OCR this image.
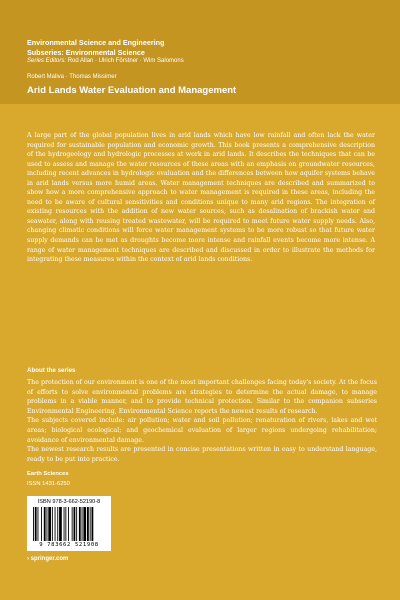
Environmental Science and Engineering
Subseries: Environmental Science
Series Editors: Rod Allan · Ulrich Förstner · Wim Salomons
Robert Maliva · Thomas Missimer
Arid Lands Water Evaluation and Management
A large part of the global population lives in arid lands which have low rainfall and often lack the water required for sustainable population and economic growth. This book presents a comprehensive description of the hydrogeology and hydrologic processes at work in arid lands. It describes the techniques that can be used to assess and manage the water resources of these areas with an emphasis on groundwater resources, including recent advances in hydrologic evaluation and the differences between how aquifer systems behave in arid lands versus more humid areas. Water management techniques are described and summarized to show how a more comprehensive approach to water management is required in these areas, including the need to be aware of cultural sensitivities and conditions unique to many arid regions. The integration of existing resources with the addition of new water sources, such as desalination of brackish water and seawater, along with reusing treated wastewater, will be required to meet future water supply needs. Also, changing climatic conditions will force water management systems to be more robust so that future water supply demands can be met as droughts become more intense and rainfall events become more intense. A range of water management techniques are described and discussed in order to illustrate the methods for integrating these measures within the context of arid lands conditions.
About the series

The protection of our environment is one of the most important challenges facing today's society. At the focus of efforts to solve environmental problems are strategies to determine the actual damage, to manage problems in a viable manner, and to provide technical protection. Similar to the companion subseries Environmental Engineering, Environmental Science reports the newest results of research.

The subjects covered include: air pollution; water and soil pollution; renaturation of rivers, lakes and wet areas; biological ecological; and geochemical evaluation of larger regions undergoing rehabilitation; avoidance of environmental damage.

The newest research results are presented in concise presentations written in easy to understand language, ready to be put into practice.

Earth Sciences
ISSN 1431-6250
ISBN 978-3-662-52190-8
9 783662 521908
› springer.com
